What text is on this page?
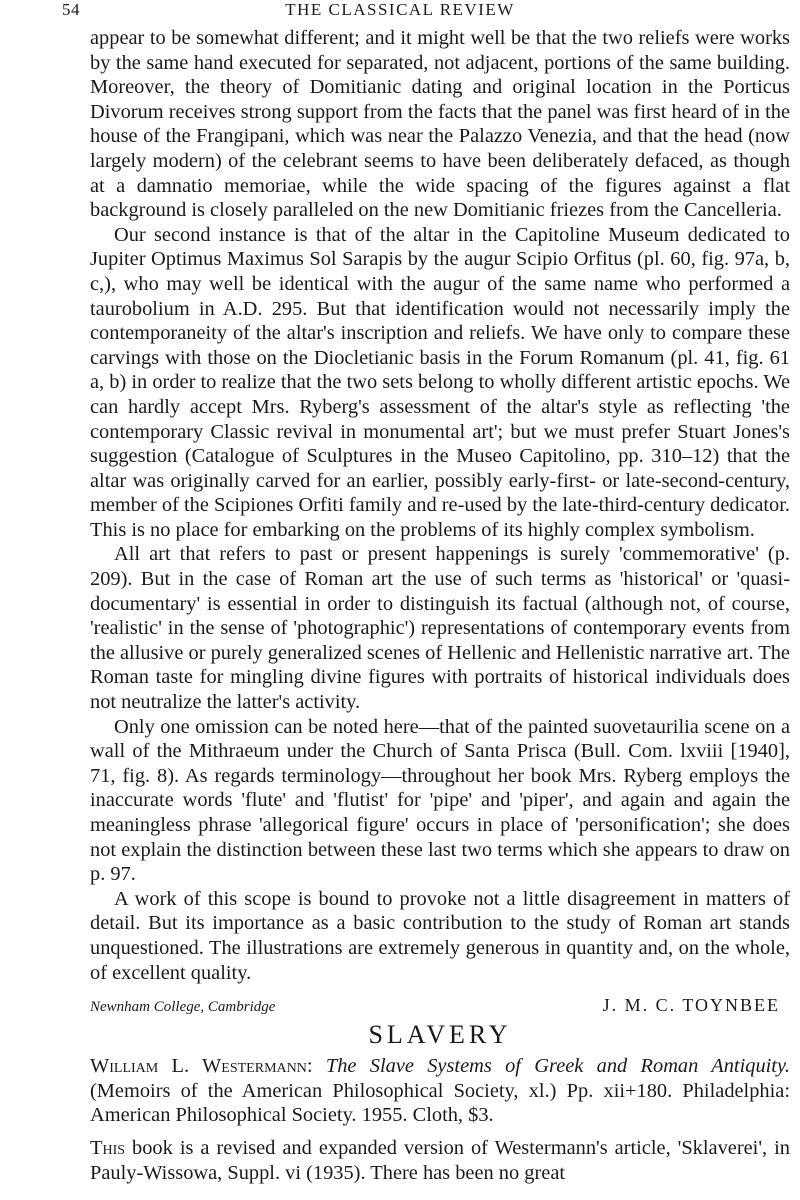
54	THE CLASSICAL REVIEW

appear to be somewhat different; and it might well be that the two reliefs were works by the same hand executed for separated, not adjacent, portions of the same building. Moreover, the theory of Domitianic dating and original location in the Porticus Divorum receives strong support from the facts that the panel was first heard of in the house of the Frangipani, which was near the Palazzo Venezia, and that the head (now largely modern) of the celebrant seems to have been deliberately defaced, as though at a damnatio memoriae, while the wide spacing of the figures against a flat background is closely paralleled on the new Domitianic friezes from the Cancelleria.

Our second instance is that of the altar in the Capitoline Museum dedicated to Jupiter Optimus Maximus Sol Sarapis by the augur Scipio Orfitus (pl. 60, fig. 97a, b, c,), who may well be identical with the augur of the same name who performed a taurobolium in A.D. 295. But that identification would not necessarily imply the contemporaneity of the altar's inscription and reliefs. We have only to compare these carvings with those on the Diocletianic basis in the Forum Romanum (pl. 41, fig. 61 a, b) in order to realize that the two sets belong to wholly different artistic epochs. We can hardly accept Mrs. Ryberg's assessment of the altar's style as reflecting 'the contemporary Classic revival in monumental art'; but we must prefer Stuart Jones's suggestion (Catalogue of Sculptures in the Museo Capitolino, pp. 310–12) that the altar was originally carved for an earlier, possibly early-first- or late-second-century, member of the Scipiones Orfiti family and re-used by the late-third-century dedicator. This is no place for embarking on the problems of its highly complex symbolism.

All art that refers to past or present happenings is surely 'commemorative' (p. 209). But in the case of Roman art the use of such terms as 'historical' or 'quasi-documentary' is essential in order to distinguish its factual (although not, of course, 'realistic' in the sense of 'photographic') representations of contemporary events from the allusive or purely generalized scenes of Hellenic and Hellenistic narrative art. The Roman taste for mingling divine figures with portraits of historical individuals does not neutralize the latter's activity.

Only one omission can be noted here—that of the painted suovetaurilia scene on a wall of the Mithraeum under the Church of Santa Prisca (Bull. Com. lxviii [1940], 71, fig. 8). As regards terminology—throughout her book Mrs. Ryberg employs the inaccurate words 'flute' and 'flutist' for 'pipe' and 'piper', and again and again the meaningless phrase 'allegorical figure' occurs in place of 'personification'; she does not explain the distinction between these last two terms which she appears to draw on p. 97.

A work of this scope is bound to provoke not a little disagreement in matters of detail. But its importance as a basic contribution to the study of Roman art stands unquestioned. The illustrations are extremely generous in quantity and, on the whole, of excellent quality.

Newnham College, Cambridge	J. M. C. TOYNBEE
SLAVERY

William L. Westermann: The Slave Systems of Greek and Roman Antiquity. (Memoirs of the American Philosophical Society, xl.) Pp. xii+180. Philadelphia: American Philosophical Society. 1955. Cloth, $3.

This book is a revised and expanded version of Westermann's article, 'Sklaverei', in Pauly-Wissowa, Suppl. vi (1935). There has been no great
